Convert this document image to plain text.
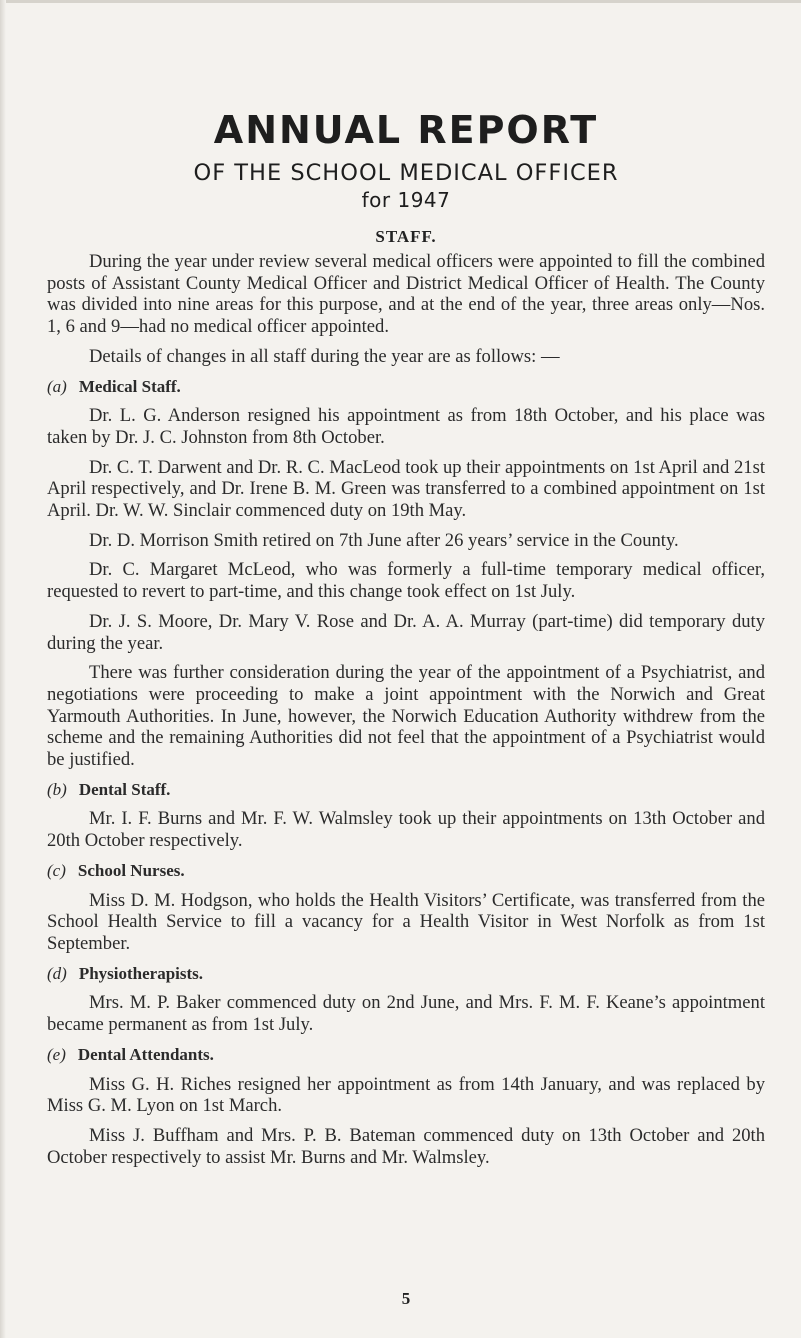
ANNUAL REPORT
OF THE SCHOOL MEDICAL OFFICER
for 1947
STAFF.

During the year under review several medical officers were appointed to fill the combined posts of Assistant County Medical Officer and District Medical Officer of Health. The County was divided into nine areas for this purpose, and at the end of the year, three areas only—Nos. 1, 6 and 9—had no medical officer appointed.

Details of changes in all staff during the year are as follows: —

(a) Medical Staff.

Dr. L. G. Anderson resigned his appointment as from 18th October, and his place was taken by Dr. J. C. Johnston from 8th October.

Dr. C. T. Darwent and Dr. R. C. MacLeod took up their appointments on 1st April and 21st April respectively, and Dr. Irene B. M. Green was transferred to a combined appointment on 1st April. Dr. W. W. Sinclair commenced duty on 19th May.

Dr. D. Morrison Smith retired on 7th June after 26 years’ service in the County.

Dr. C. Margaret McLeod, who was formerly a full-time temporary medical officer, requested to revert to part-time, and this change took effect on 1st July.

Dr. J. S. Moore, Dr. Mary V. Rose and Dr. A. A. Murray (part-time) did temporary duty during the year.

There was further consideration during the year of the appointment of a Psychiatrist, and negotiations were proceeding to make a joint appointment with the Norwich and Great Yarmouth Authorities. In June, however, the Norwich Education Authority withdrew from the scheme and the remaining Authorities did not feel that the appointment of a Psychiatrist would be justified.

(b) Dental Staff.

Mr. I. F. Burns and Mr. F. W. Walmsley took up their appointments on 13th October and 20th October respectively.

(c) School Nurses.

Miss D. M. Hodgson, who holds the Health Visitors’ Certificate, was transferred from the School Health Service to fill a vacancy for a Health Visitor in West Norfolk as from 1st September.

(d) Physiotherapists.

Mrs. M. P. Baker commenced duty on 2nd June, and Mrs. F. M. F. Keane’s appointment became permanent as from 1st July.

(e) Dental Attendants.

Miss G. H. Riches resigned her appointment as from 14th January, and was replaced by Miss G. M. Lyon on 1st March.

Miss J. Buffham and Mrs. P. B. Bateman commenced duty on 13th October and 20th October respectively to assist Mr. Burns and Mr. Walmsley.

5
